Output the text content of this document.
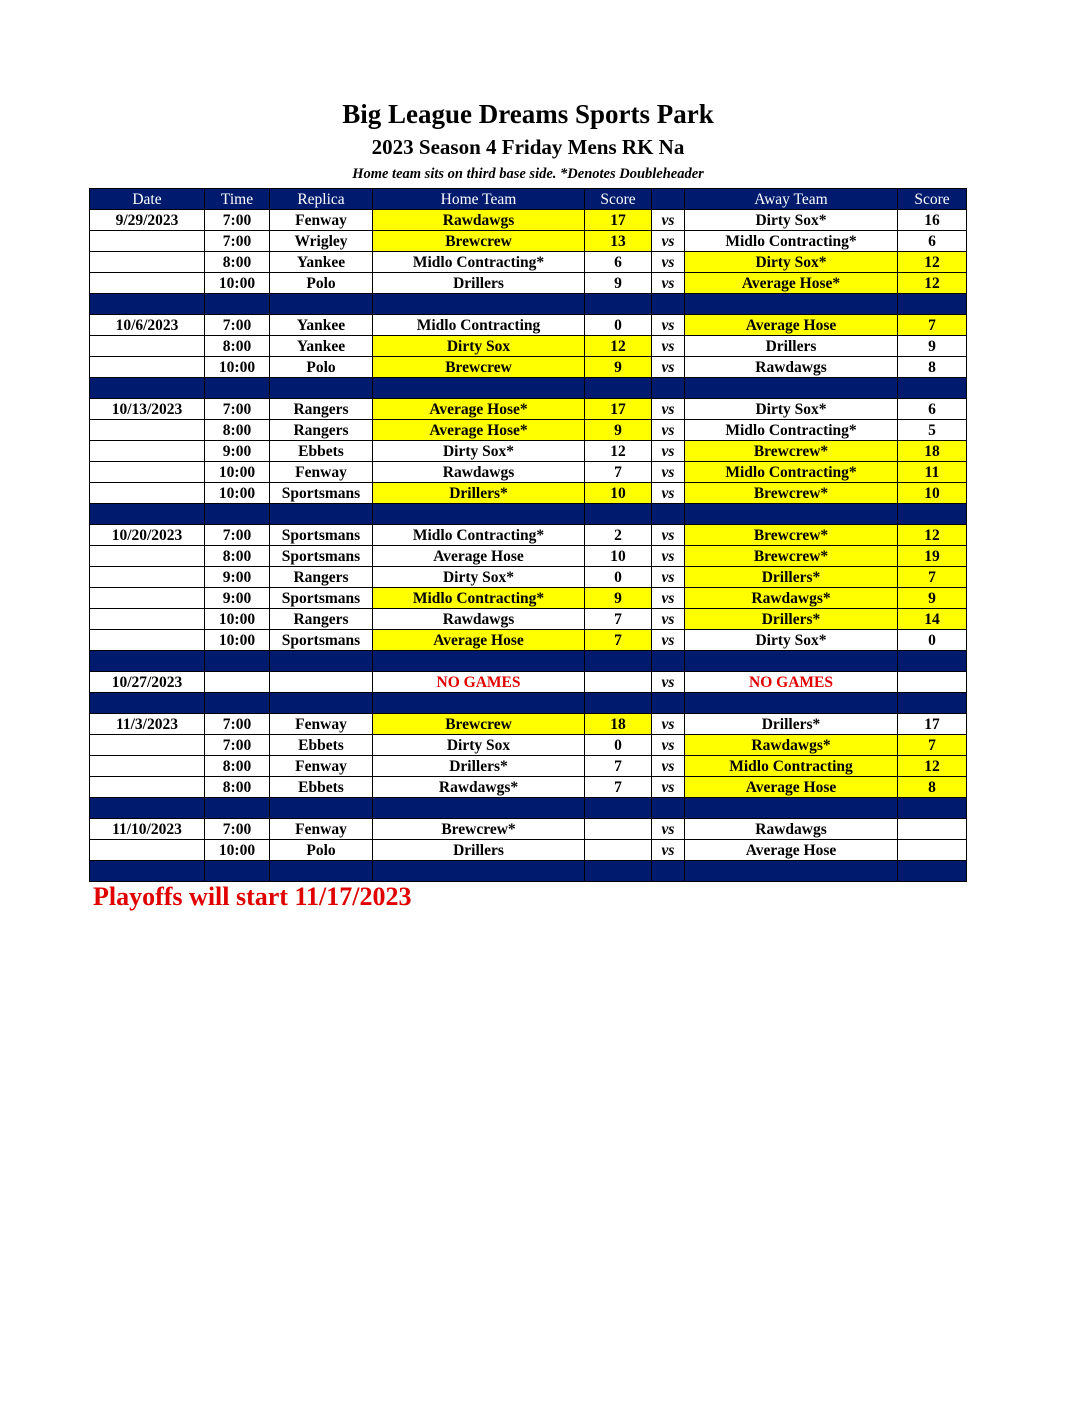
Big League Dreams Sports Park
2023 Season 4 Friday Mens RK Na
Home team sits on third base side. *Denotes Doubleheader
Date	Time	Replica	Home Team	Score		Away Team	Score
9/29/2023	7:00	Fenway	Rawdawgs	17	vs	Dirty Sox*	16
	7:00	Wrigley	Brewcrew	13	vs	Midlo Contracting*	6
	8:00	Yankee	Midlo Contracting*	6	vs	Dirty Sox*	12
	10:00	Polo	Drillers	9	vs	Average Hose*	12

10/6/2023	7:00	Yankee	Midlo Contracting	0	vs	Average Hose	7
	8:00	Yankee	Dirty Sox	12	vs	Drillers	9
	10:00	Polo	Brewcrew	9	vs	Rawdawgs	8

10/13/2023	7:00	Rangers	Average Hose*	17	vs	Dirty Sox*	6
	8:00	Rangers	Average Hose*	9	vs	Midlo Contracting*	5
	9:00	Ebbets	Dirty Sox*	12	vs	Brewcrew*	18
	10:00	Fenway	Rawdawgs	7	vs	Midlo Contracting*	11
	10:00	Sportsmans	Drillers*	10	vs	Brewcrew*	10

10/20/2023	7:00	Sportsmans	Midlo Contracting*	2	vs	Brewcrew*	12
	8:00	Sportsmans	Average Hose	10	vs	Brewcrew*	19
	9:00	Rangers	Dirty Sox*	0	vs	Drillers*	7
	9:00	Sportsmans	Midlo Contracting*	9	vs	Rawdawgs*	9
	10:00	Rangers	Rawdawgs	7	vs	Drillers*	14
	10:00	Sportsmans	Average Hose	7	vs	Dirty Sox*	0

10/27/2023			NO GAMES		vs	NO GAMES	

11/3/2023	7:00	Fenway	Brewcrew	18	vs	Drillers*	17
	7:00	Ebbets	Dirty Sox	0	vs	Rawdawgs*	7
	8:00	Fenway	Drillers*	7	vs	Midlo Contracting	12
	8:00	Ebbets	Rawdawgs*	7	vs	Average Hose	8

11/10/2023	7:00	Fenway	Brewcrew*		vs	Rawdawgs	
	10:00	Polo	Drillers		vs	Average Hose	

Playoffs will start 11/17/2023
